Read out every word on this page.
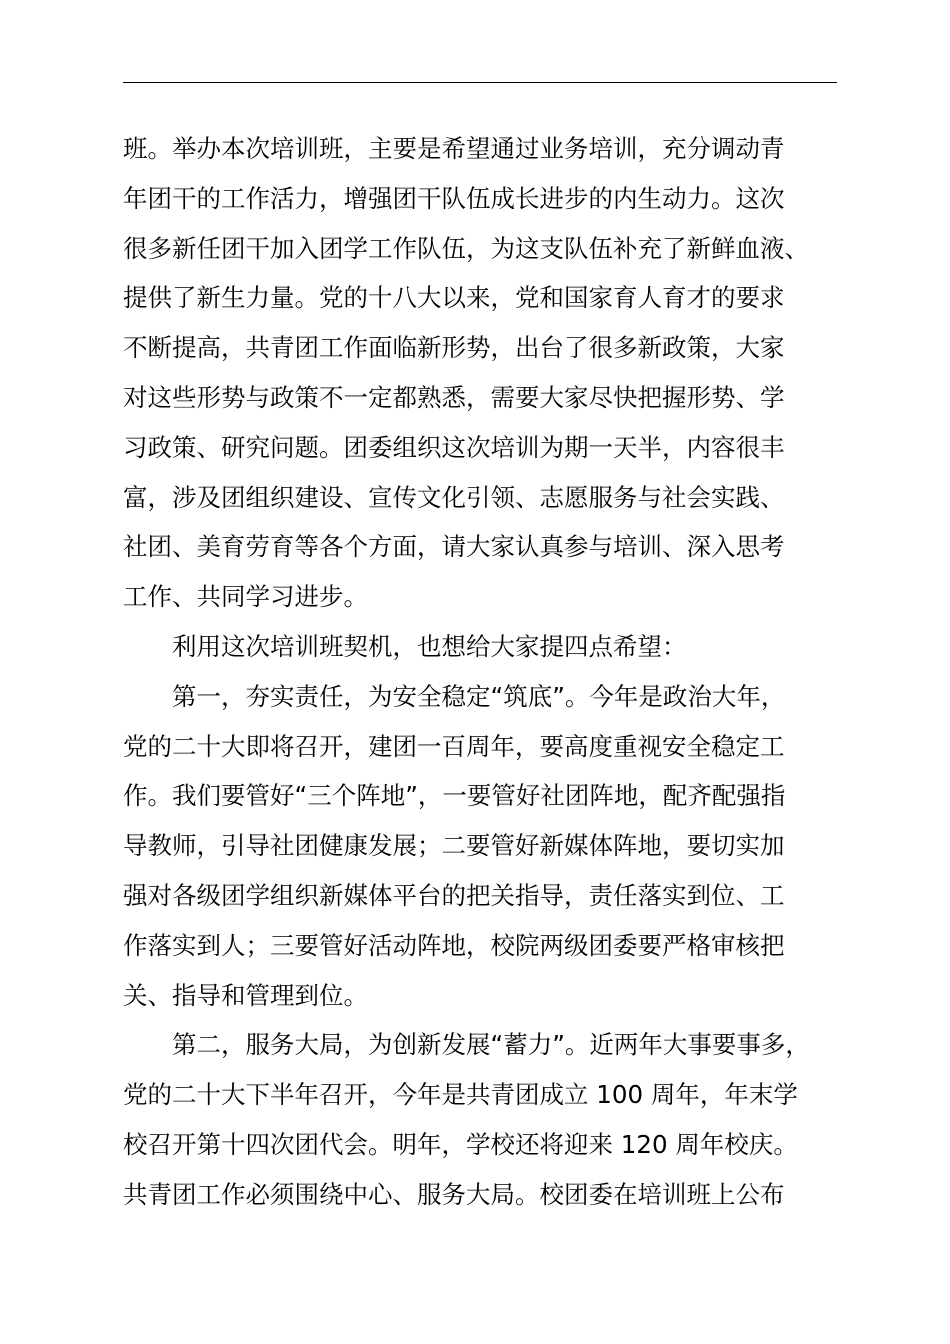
班。举办本次培训班，主要是希望通过业务培训，充分调动青
年团干的工作活力，增强团干队伍成长进步的内生动力。这次
很多新任团干加入团学工作队伍，为这支队伍补充了新鲜血液、
提供了新生力量。党的十八大以来，党和国家育人育才的要求
不断提高，共青团工作面临新形势，出台了很多新政策，大家
对这些形势与政策不一定都熟悉，需要大家尽快把握形势、学
习政策、研究问题。团委组织这次培训为期一天半，内容很丰
富，涉及团组织建设、宣传文化引领、志愿服务与社会实践、
社团、美育劳育等各个方面，请大家认真参与培训、深入思考
工作、共同学习进步。
　　利用这次培训班契机，也想给大家提四点希望：
　　第一，夯实责任，为安全稳定“筑底”。今年是政治大年，
党的二十大即将召开，建团一百周年，要高度重视安全稳定工
作。我们要管好“三个阵地”，一要管好社团阵地，配齐配强指
导教师，引导社团健康发展；二要管好新媒体阵地，要切实加
强对各级团学组织新媒体平台的把关指导，责任落实到位、工
作落实到人；三要管好活动阵地，校院两级团委要严格审核把
关、指导和管理到位。
　　第二，服务大局，为创新发展“蓄力”。近两年大事要事多，
党的二十大下半年召开，今年是共青团成立 100 周年，年末学
校召开第十四次团代会。明年，学校还将迎来 120 周年校庆。
共青团工作必须围绕中心、服务大局。校团委在培训班上公布
